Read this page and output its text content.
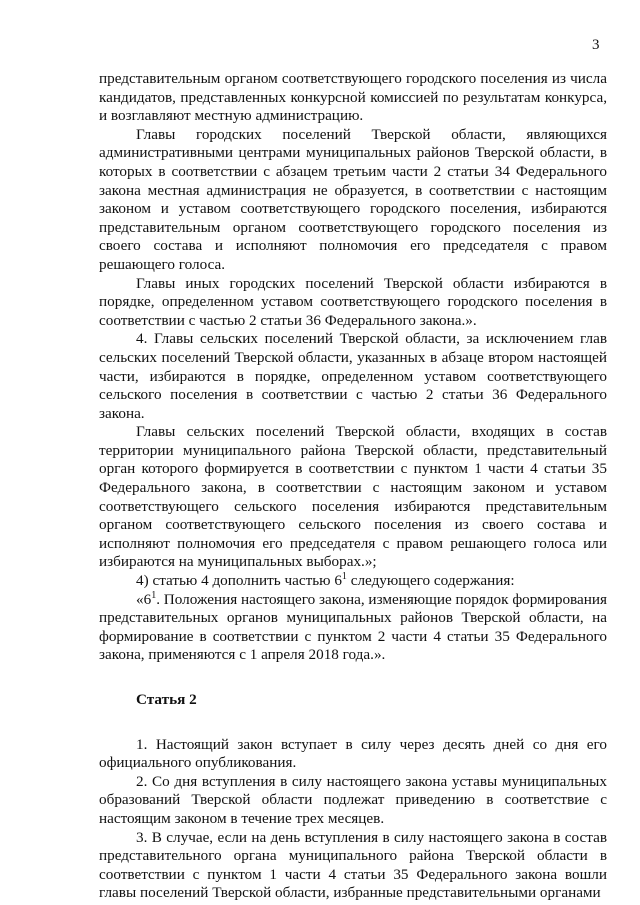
3

представительным органом соответствующего городского поселения из числа кандидатов, представленных конкурсной комиссией по результатам конкурса, и возглавляют местную администрацию.

Главы городских поселений Тверской области, являющихся административными центрами муниципальных районов Тверской области, в которых в соответствии с абзацем третьим части 2 статьи 34 Федерального закона местная администрация не образуется, в соответствии с настоящим законом и уставом соответствующего городского поселения, избираются представительным органом соответствующего городского поселения из своего состава и исполняют полномочия его председателя с правом решающего голоса.

Главы иных городских поселений Тверской области избираются в порядке, определенном уставом соответствующего городского поселения в соответствии с частью 2 статьи 36 Федерального закона.».

4. Главы сельских поселений Тверской области, за исключением глав сельских поселений Тверской области, указанных в абзаце втором настоящей части, избираются в порядке, определенном уставом соответствующего сельского поселения в соответствии с частью 2 статьи 36 Федерального закона.

Главы сельских поселений Тверской области, входящих в состав территории муниципального района Тверской области, представительный орган которого формируется в соответствии с пунктом 1 части 4 статьи 35 Федерального закона, в соответствии с настоящим законом и уставом соответствующего сельского поселения избираются представительным органом соответствующего сельского поселения из своего состава и исполняют полномочия его председателя с правом решающего голоса или избираются на муниципальных выборах.»;

4) статью 4 дополнить частью $6^1$ следующего содержания:

«$6^1$. Положения настоящего закона, изменяющие порядок формирования представительных органов муниципальных районов Тверской области, на формирование в соответствии с пунктом 2 части 4 статьи 35 Федерального закона, применяются с 1 апреля 2018 года.».

Статья 2

1. Настоящий закон вступает в силу через десять дней со дня его официального опубликования.

2. Со дня вступления в силу настоящего закона уставы муниципальных образований Тверской области подлежат приведению в соответствие с настоящим законом в течение трех месяцев.

3. В случае, если на день вступления в силу настоящего закона в состав представительного органа муниципального района Тверской области в соответствии с пунктом 1 части 4 статьи 35 Федерального закона вошли главы поселений Тверской области, избранные представительными органами
